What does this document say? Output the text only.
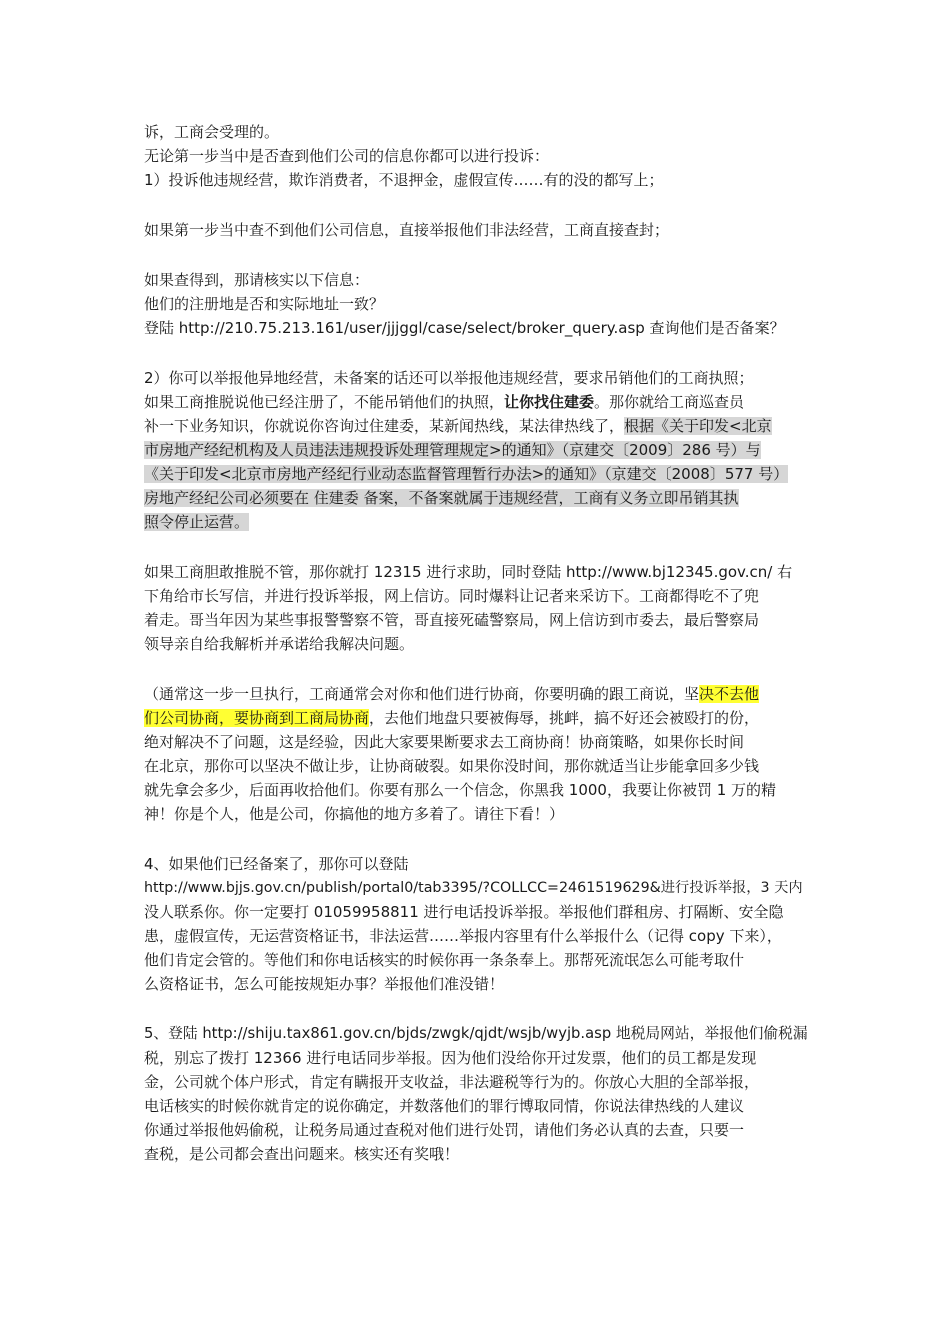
诉，工商会受理的。
无论第一步当中是否查到他们公司的信息你都可以进行投诉：
1）投诉他违规经营，欺诈消费者，不退押金，虚假宣传……有的没的都写上；
如果第一步当中查不到他们公司信息，直接举报他们非法经营，工商直接查封；
如果查得到，那请核实以下信息：
他们的注册地是否和实际地址一致？
登陆 http://210.75.213.161/user/jjjggl/case/select/broker_query.asp 查询他们是否备案？
2）你可以举报他异地经营，未备案的话还可以举报他违规经营，要求吊销他们的工商执照；
如果工商推脱说他已经注册了，不能吊销他们的执照，让你找住建委。那你就给工商巡查员
补一下业务知识，你就说你咨询过住建委，某新闻热线，某法律热线了，根据《关于印发<北京
市房地产经纪机构及人员违法违规投诉处理管理规定>的通知》（京建交〔2009〕286 号）与
《关于印发<北京市房地产经纪行业动态监督管理暂行办法>的通知》（京建交〔2008〕577 号）
房地产经纪公司必须要在 住建委 备案，不备案就属于违规经营，工商有义务立即吊销其执
照令停止运营。
如果工商胆敢推脱不管，那你就打 12315 进行求助，同时登陆 http://www.bj12345.gov.cn/ 右
下角给市长写信，并进行投诉举报，网上信访。同时爆料让记者来采访下。工商都得吃不了兜
着走。哥当年因为某些事报警警察不管，哥直接死磕警察局，网上信访到市委去，最后警察局
领导亲自给我解析并承诺给我解决问题。
（通常这一步一旦执行，工商通常会对你和他们进行协商，你要明确的跟工商说，坚决不去他
们公司协商，要协商到工商局协商，去他们地盘只要被侮辱，挑衅，搞不好还会被殴打的份，
绝对解决不了问题，这是经验，因此大家要果断要求去工商协商！协商策略，如果你长时间
在北京，那你可以坚决不做让步，让协商破裂。如果你没时间，那你就适当让步能拿回多少钱
就先拿会多少，后面再收拾他们。你要有那么一个信念，你黑我 1000，我要让你被罚 1 万的精
神！你是个人，他是公司，你搞他的地方多着了。请往下看！）
4、如果他们已经备案了，那你可以登陆
http://www.bjjs.gov.cn/publish/portal0/tab3395/?COLLCC=2461519629&进行投诉举报，3 天内
没人联系你。你一定要打 01059958811 进行电话投诉举报。举报他们群租房、打隔断、安全隐
患，虚假宣传，无运营资格证书，非法运营……举报内容里有什么举报什么（记得 copy 下来），
他们肯定会管的。等他们和你电话核实的时候你再一条条奉上。那帮死流氓怎么可能考取什
么资格证书，怎么可能按规矩办事？举报他们准没错！
5、登陆 http://shiju.tax861.gov.cn/bjds/zwgk/qjdt/wsjb/wyjb.asp 地税局网站，举报他们偷税漏
税，别忘了拨打 12366 进行电话同步举报。因为他们没给你开过发票，他们的员工都是发现
金，公司就个体户形式，肯定有瞒报开支收益，非法避税等行为的。你放心大胆的全部举报，
电话核实的时候你就肯定的说你确定，并数落他们的罪行博取同情，你说法律热线的人建议
你通过举报他妈偷税，让税务局通过查税对他们进行处罚，请他们务必认真的去查，只要一
查税，是公司都会查出问题来。核实还有奖哦！
